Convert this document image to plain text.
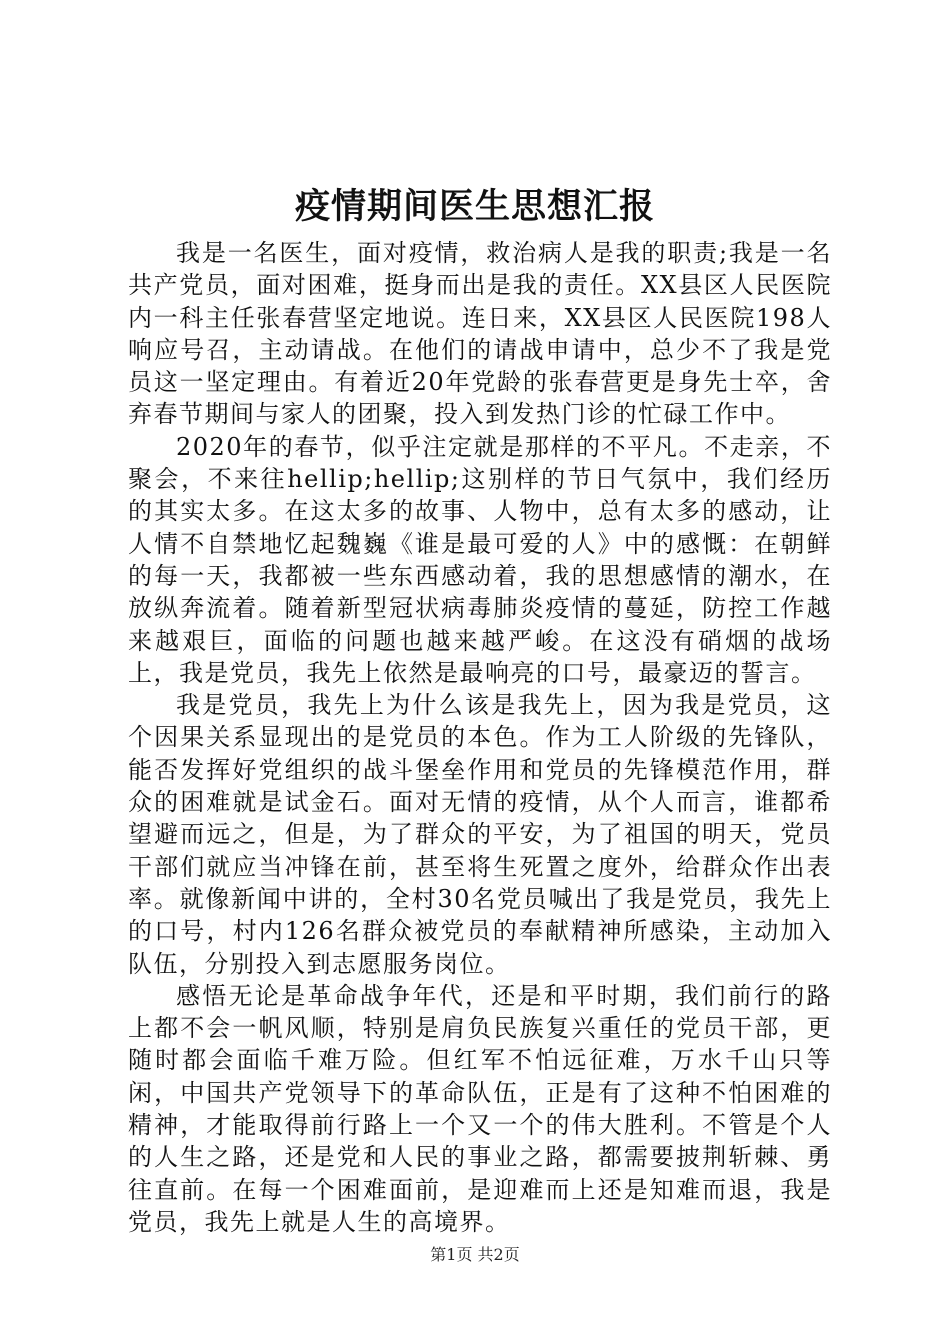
疫情期间医生思想汇报

我是一名医生，面对疫情，救治病人是我的职责;我是一名共产党员，面对困难，挺身而出是我的责任。XX县区人民医院内一科主任张春营坚定地说。连日来，XX县区人民医院198人响应号召，主动请战。在他们的请战申请中，总少不了我是党员这一坚定理由。有着近20年党龄的张春营更是身先士卒，舍弃春节期间与家人的团聚，投入到发热门诊的忙碌工作中。

2020年的春节，似乎注定就是那样的不平凡。不走亲，不聚会，不来往hellip;hellip;这别样的节日气氛中，我们经历的其实太多。在这太多的故事、人物中，总有太多的感动，让人情不自禁地忆起魏巍《谁是最可爱的人》中的感慨：在朝鲜的每一天，我都被一些东西感动着，我的思想感情的潮水，在放纵奔流着。随着新型冠状病毒肺炎疫情的蔓延，防控工作越来越艰巨，面临的问题也越来越严峻。在这没有硝烟的战场上，我是党员，我先上依然是最响亮的口号，最豪迈的誓言。

我是党员，我先上为什么该是我先上，因为我是党员，这个因果关系显现出的是党员的本色。作为工人阶级的先锋队，能否发挥好党组织的战斗堡垒作用和党员的先锋模范作用，群众的困难就是试金石。面对无情的疫情，从个人而言，谁都希望避而远之，但是，为了群众的平安，为了祖国的明天，党员干部们就应当冲锋在前，甚至将生死置之度外，给群众作出表率。就像新闻中讲的，全村30名党员喊出了我是党员，我先上的口号，村内126名群众被党员的奉献精神所感染，主动加入队伍，分别投入到志愿服务岗位。

感悟无论是革命战争年代，还是和平时期，我们前行的路上都不会一帆风顺，特别是肩负民族复兴重任的党员干部，更随时都会面临千难万险。但红军不怕远征难，万水千山只等闲，中国共产党领导下的革命队伍，正是有了这种不怕困难的精神，才能取得前行路上一个又一个的伟大胜利。不管是个人的人生之路，还是党和人民的事业之路，都需要披荆斩棘、勇往直前。在每一个困难面前，是迎难而上还是知难而退，我是党员，我先上就是人生的高境界。

第1页 共2页
